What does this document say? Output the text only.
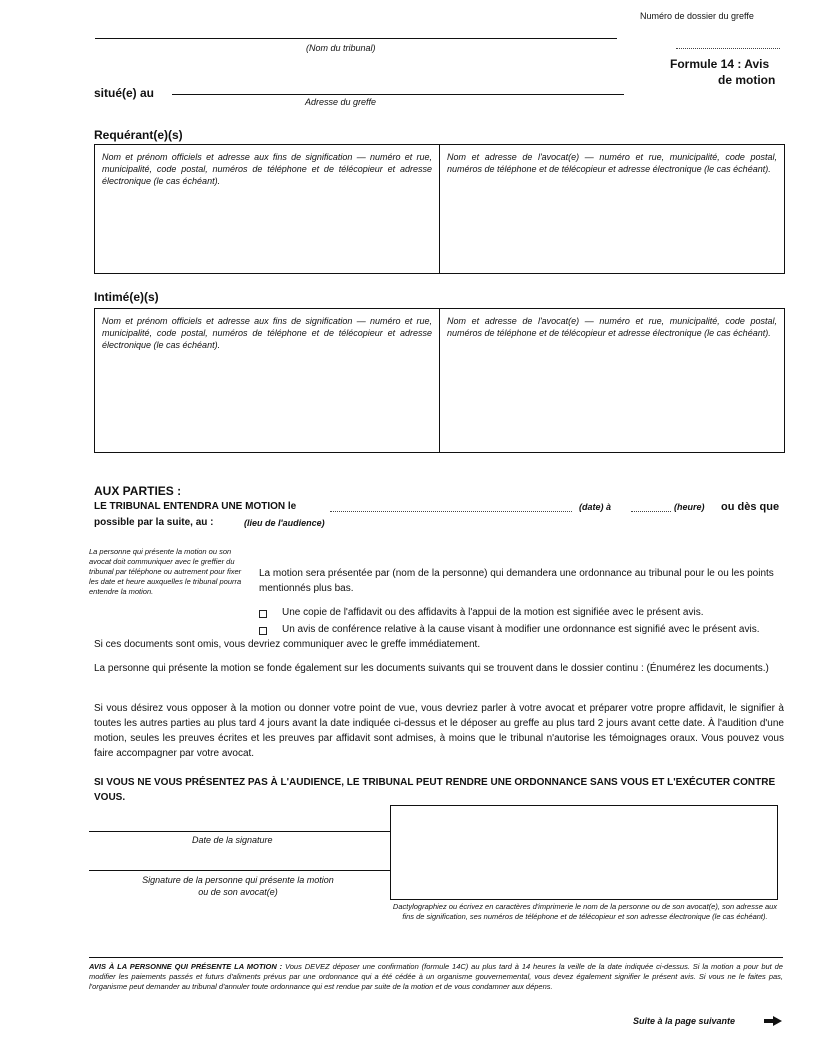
Numéro de dossier du greffe
(Nom du tribunal)
Formule 14 : Avis
de motion
situé(e) au
Adresse du greffe
Requérant(e)(s)
Nom et prénom officiels et adresse aux fins de signification — numéro et rue, municipalité, code postal, numéros de téléphone et de télécopieur et adresse électronique (le cas échéant).
Nom et adresse de l'avocat(e) — numéro et rue, municipalité, code postal, numéros de téléphone et de télécopieur et adresse électronique (le cas échéant).
Intimé(e)(s)
Nom et prénom officiels et adresse aux fins de signification — numéro et rue, municipalité, code postal, numéros de téléphone et de télécopieur et adresse électronique (le cas échéant).
Nom et adresse de l'avocat(e) — numéro et rue, municipalité, code postal, numéros de téléphone et de télécopieur et adresse électronique (le cas échéant).
AUX PARTIES :
LE TRIBUNAL ENTENDRA UNE MOTION le	(date) à	(heure) ou dès que
possible par la suite, au :	(lieu de l'audience)
La personne qui présente la motion ou son avocat doit communiquer avec le greffier du tribunal par téléphone ou autrement pour fixer les date et heure auxquelles le tribunal pourra entendre la motion.
La motion sera présentée par (nom de la personne) qui demandera une ordonnance au tribunal pour le ou les points mentionnés plus bas.
Une copie de l'affidavit ou des affidavits à l'appui de la motion est signifiée avec le présent avis.
Un avis de conférence relative à la cause visant à modifier une ordonnance est signifié avec le présent avis.
Si ces documents sont omis, vous devriez communiquer avec le greffe immédiatement.
La personne qui présente la motion se fonde également sur les documents suivants qui se trouvent dans le dossier continu : (Énumérez les documents.)
Si vous désirez vous opposer à la motion ou donner votre point de vue, vous devriez parler à votre avocat et préparer votre propre affidavit, le signifier à toutes les autres parties au plus tard 4 jours avant la date indiquée ci-dessus et le déposer au greffe au plus tard 2 jours avant cette date. À l'audition d'une motion, seules les preuves écrites et les preuves par affidavit sont admises, à moins que le tribunal n'autorise les témoignages oraux. Vous pouvez vous faire accompagner par votre avocat.
SI VOUS NE VOUS PRÉSENTEZ PAS À L'AUDIENCE, LE TRIBUNAL PEUT RENDRE UNE ORDONNANCE SANS VOUS ET L'EXÉCUTER CONTRE VOUS.
Date de la signature
Signature de la personne qui présente la motion
ou de son avocat(e)
Dactylographiez ou écrivez en caractères d'imprimerie le nom de la personne ou de son avocat(e), son adresse aux fins de signification, ses numéros de téléphone et de télécopieur et son adresse électronique (le cas échéant).
AVIS À LA PERSONNE QUI PRÉSENTE LA MOTION : Vous DEVEZ déposer une confirmation (formule 14C) au plus tard à 14 heures la veille de la date indiquée ci-dessus. Si la motion a pour but de modifier les paiements passés et futurs d'aliments prévus par une ordonnance qui a été cédée à un organisme gouvernemental, vous devez également signifier le présent avis. Si vous ne le faites pas, l'organisme peut demander au tribunal d'annuler toute ordonnance qui est rendue par suite de la motion et de vous condamner aux dépens.
Suite à la page suivante
